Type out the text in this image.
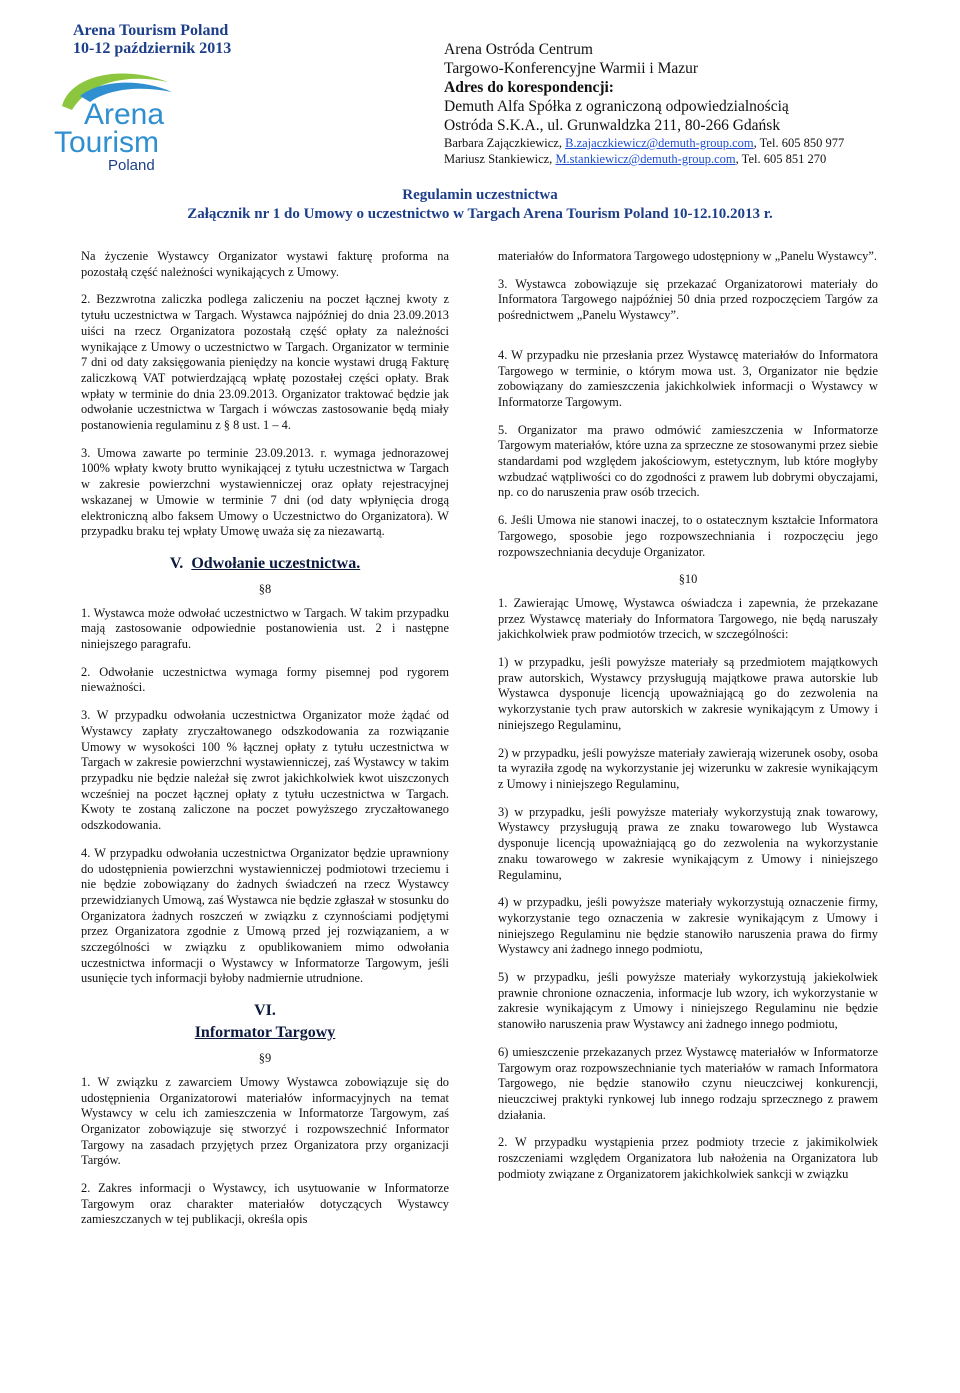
Arena Tourism Poland
10-12 październik 2013
Arena
Tourism
Poland
Arena Ostróda Centrum
Targowo-Konferencyjne Warmii i Mazur
Adres do korespondencji:
Demuth Alfa Spółka z ograniczoną odpowiedzialnością
Ostróda S.K.A., ul. Grunwaldzka 211, 80-266 Gdańsk
Barbara Zajączkiewicz, B.zajaczkiewicz@demuth-group.com, Tel. 605 850 977
Mariusz Stankiewicz, M.stankiewicz@demuth-group.com, Tel. 605 851 270
Regulamin uczestnictwa
Załącznik nr 1 do Umowy o uczestnictwo w Targach Arena Tourism Poland 10-12.10.2013 r.

Na życzenie Wystawcy Organizator wystawi fakturę proforma na pozostałą część należności wynikających z Umowy.

2. Bezzwrotna zaliczka podlega zaliczeniu na poczet łącznej kwoty z tytułu uczestnictwa w Targach. Wystawca najpóźniej do dnia 23.09.2013 uiści na rzecz Organizatora pozostałą część opłaty za należności wynikające z Umowy o uczestnictwo w Targach. Organizator w terminie 7 dni od daty zaksięgowania pieniędzy na koncie wystawi drugą Fakturę zaliczkową VAT potwierdzającą wpłatę pozostałej części opłaty. Brak wpłaty w terminie do dnia 23.09.2013. Organizator traktować będzie jak odwołanie uczestnictwa w Targach i wówczas zastosowanie będą miały postanowienia regulaminu z § 8 ust. 1 – 4.

3. Umowa zawarte po terminie 23.09.2013. r. wymaga jednorazowej 100% wpłaty kwoty brutto wynikającej z tytułu uczestnictwa w Targach w zakresie powierzchni wystawienniczej oraz opłaty rejestracyjnej wskazanej w Umowie w terminie 7 dni (od daty wpłynięcia drogą elektroniczną albo faksem Umowy o Uczestnictwo do Organizatora). W przypadku braku tej wpłaty Umowę uważa się za niezawartą.

V. Odwołanie uczestnictwa.
§8

1. Wystawca może odwołać uczestnictwo w Targach. W takim przypadku mają zastosowanie odpowiednie postanowienia ust. 2 i następne niniejszego paragrafu.

2. Odwołanie uczestnictwa wymaga formy pisemnej pod rygorem nieważności.

3. W przypadku odwołania uczestnictwa Organizator może żądać od Wystawcy zapłaty zryczałtowanego odszkodowania za rozwiązanie Umowy w wysokości 100 % łącznej opłaty z tytułu uczestnictwa w Targach w zakresie powierzchni wystawienniczej, zaś Wystawcy w takim przypadku nie będzie należał się zwrot jakichkolwiek kwot uiszczonych wcześniej na poczet łącznej opłaty z tytułu uczestnictwa w Targach. Kwoty te zostaną zaliczone na poczet powyższego zryczałtowanego odszkodowania.

4. W przypadku odwołania uczestnictwa Organizator będzie uprawniony do udostępnienia powierzchni wystawienniczej podmiotowi trzeciemu i nie będzie zobowiązany do żadnych świadczeń na rzecz Wystawcy przewidzianych Umową, zaś Wystawca nie będzie zgłaszał w stosunku do Organizatora żadnych roszczeń w związku z czynnościami podjętymi przez Organizatora zgodnie z Umową przed jej rozwiązaniem, a w szczególności w związku z opublikowaniem mimo odwołania uczestnictwa informacji o Wystawcy w Informatorze Targowym, jeśli usunięcie tych informacji byłoby nadmiernie utrudnione.

VI.
Informator Targowy
§9

1. W związku z zawarciem Umowy Wystawca zobowiązuje się do udostępnienia Organizatorowi materiałów informacyjnych na temat Wystawcy w celu ich zamieszczenia w Informatorze Targowym, zaś Organizator zobowiązuje się stworzyć i rozpowszechnić Informator Targowy na zasadach przyjętych przez Organizatora przy organizacji Targów.

2. Zakres informacji o Wystawcy, ich usytuowanie w Informatorze Targowym oraz charakter materiałów dotyczących Wystawcy zamieszczanych w tej publikacji, określa opis

materiałów do Informatora Targowego udostępniony w „Panelu Wystawcy”.

3. Wystawca zobowiązuje się przekazać Organizatorowi materiały do Informatora Targowego najpóźniej 50 dnia przed rozpoczęciem Targów za pośrednictwem „Panelu Wystawcy”.

4. W przypadku nie przesłania przez Wystawcę materiałów do Informatora Targowego w terminie, o którym mowa ust. 3, Organizator nie będzie zobowiązany do zamieszczenia jakichkolwiek informacji o Wystawcy w Informatorze Targowym.

5. Organizator ma prawo odmówić zamieszczenia w Informatorze Targowym materiałów, które uzna za sprzeczne ze stosowanymi przez siebie standardami pod względem jakościowym, estetycznym, lub które mogłyby wzbudzać wątpliwości co do zgodności z prawem lub dobrymi obyczajami, np. co do naruszenia praw osób trzecich.

6. Jeśli Umowa nie stanowi inaczej, to o ostatecznym kształcie Informatora Targowego, sposobie jego rozpowszechniania i rozpoczęciu jego rozpowszechniania decyduje Organizator.

§10

1. Zawierając Umowę, Wystawca oświadcza i zapewnia, że przekazane przez Wystawcę materiały do Informatora Targowego, nie będą naruszały jakichkolwiek praw podmiotów trzecich, w szczególności:

1) w przypadku, jeśli powyższe materiały są przedmiotem majątkowych praw autorskich, Wystawcy przysługują majątkowe prawa autorskie lub Wystawca dysponuje licencją upoważniającą go do zezwolenia na wykorzystanie tych praw autorskich w zakresie wynikającym z Umowy i niniejszego Regulaminu,

2) w przypadku, jeśli powyższe materiały zawierają wizerunek osoby, osoba ta wyraziła zgodę na wykorzystanie jej wizerunku w zakresie wynikającym z Umowy i niniejszego Regulaminu,

3) w przypadku, jeśli powyższe materiały wykorzystują znak towarowy, Wystawcy przysługują prawa ze znaku towarowego lub Wystawca dysponuje licencją upoważniającą go do zezwolenia na wykorzystanie znaku towarowego w zakresie wynikającym z Umowy i niniejszego Regulaminu,

4) w przypadku, jeśli powyższe materiały wykorzystują oznaczenie firmy, wykorzystanie tego oznaczenia w zakresie wynikającym z Umowy i niniejszego Regulaminu nie będzie stanowiło naruszenia prawa do firmy Wystawcy ani żadnego innego podmiotu,

5) w przypadku, jeśli powyższe materiały wykorzystują jakiekolwiek prawnie chronione oznaczenia, informacje lub wzory, ich wykorzystanie w zakresie wynikającym z Umowy i niniejszego Regulaminu nie będzie stanowiło naruszenia praw Wystawcy ani żadnego innego podmiotu,

6) umieszczenie przekazanych przez Wystawcę materiałów w Informatorze Targowym oraz rozpowszechnianie tych materiałów w ramach Informatora Targowego, nie będzie stanowiło czynu nieuczciwej konkurencji, nieuczciwej praktyki rynkowej lub innego rodzaju sprzecznego z prawem działania.

2. W przypadku wystąpienia przez podmioty trzecie z jakimikolwiek roszczeniami względem Organizatora lub nałożenia na Organizatora lub podmioty związane z Organizatorem jakichkolwiek sankcji w związku
